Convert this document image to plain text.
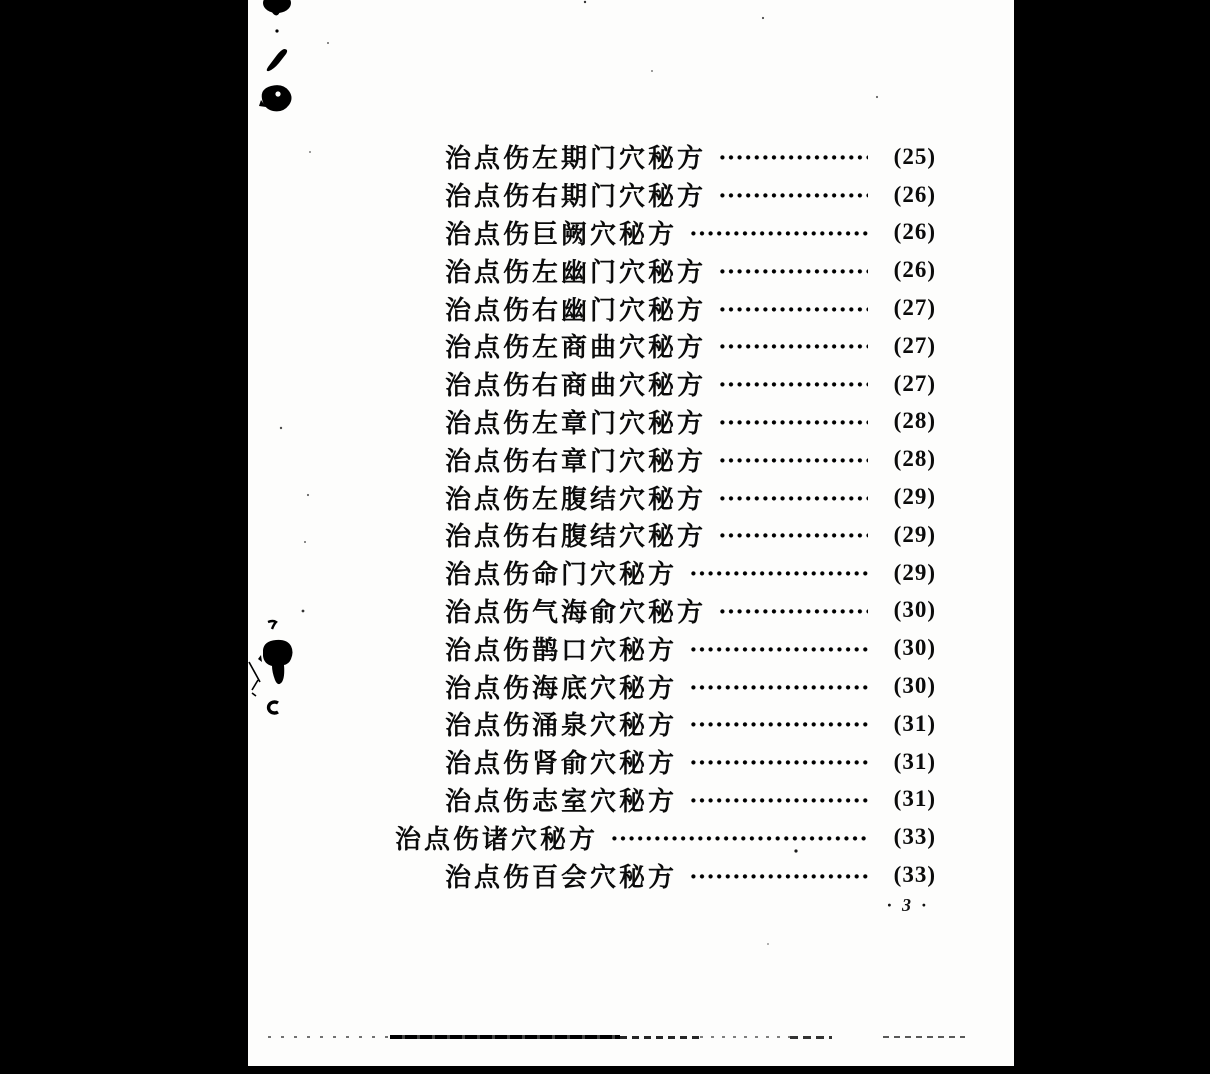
治点伤左期门穴秘方	(25)
治点伤右期门穴秘方	(26)
治点伤巨阙穴秘方	(26)
治点伤左幽门穴秘方	(26)
治点伤右幽门穴秘方	(27)
治点伤左商曲穴秘方	(27)
治点伤右商曲穴秘方	(27)
治点伤左章门穴秘方	(28)
治点伤右章门穴秘方	(28)
治点伤左腹结穴秘方	(29)
治点伤右腹结穴秘方	(29)
治点伤命门穴秘方	(29)
治点伤气海俞穴秘方	(30)
治点伤鹊口穴秘方	(30)
治点伤海底穴秘方	(30)
治点伤涌泉穴秘方	(31)
治点伤肾俞穴秘方	(31)
治点伤志室穴秘方	(31)
治点伤诸穴秘方	(33)
治点伤百会穴秘方	(33)
· 3 ·
